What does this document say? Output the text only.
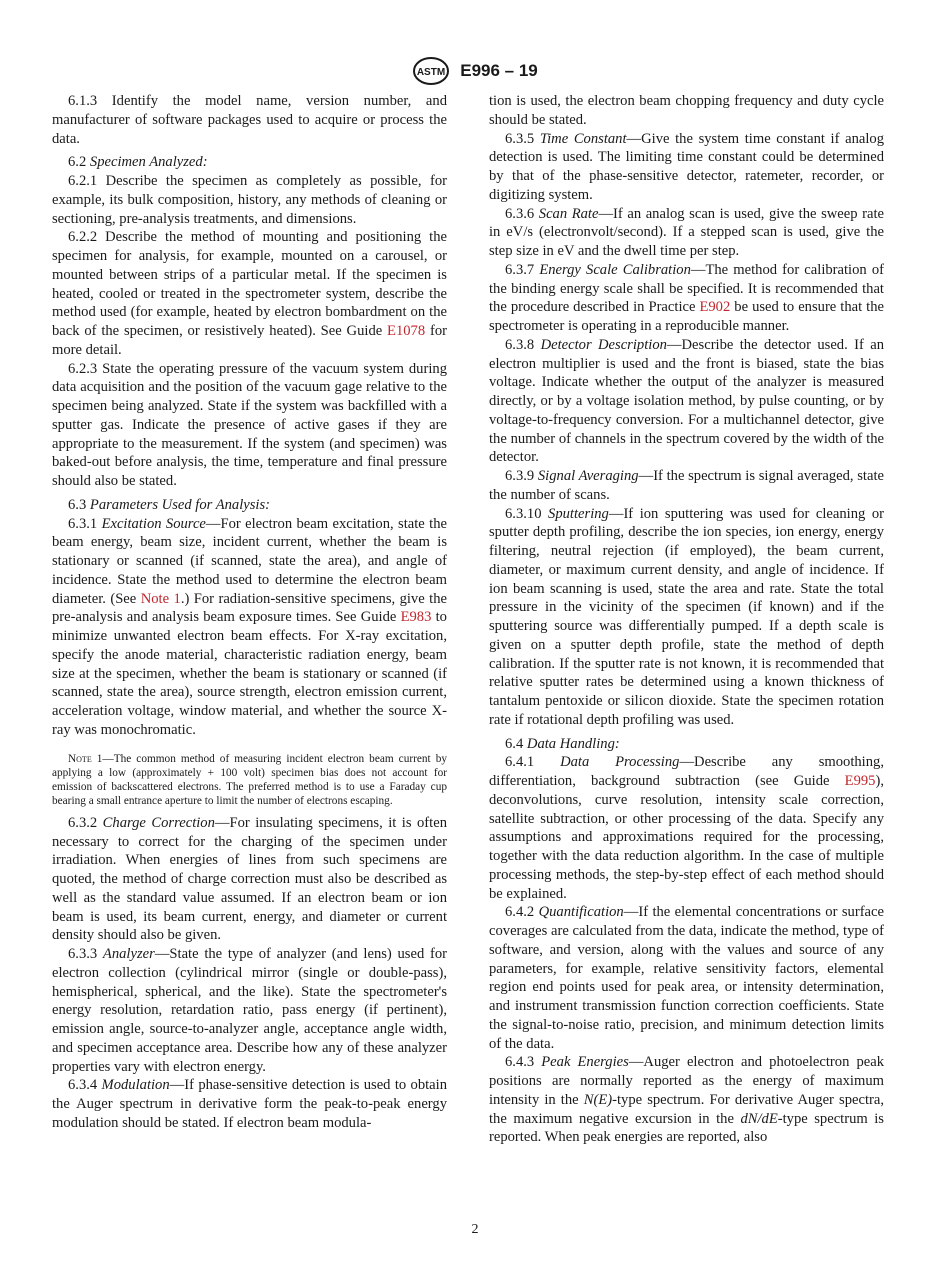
ASTM E996 – 19

6.1.3 Identify the model name, version number, and manufacturer of software packages used to acquire or process the data.

6.2 Specimen Analyzed:

6.2.1 Describe the specimen as completely as possible, for example, its bulk composition, history, any methods of cleaning or sectioning, pre-analysis treatments, and dimensions.

6.2.2 Describe the method of mounting and positioning the specimen for analysis, for example, mounted on a carousel, or mounted between strips of a particular metal. If the specimen is heated, cooled or treated in the spectrometer system, describe the method used (for example, heated by electron bombardment on the back of the specimen, or resistively heated). See Guide E1078 for more detail.

6.2.3 State the operating pressure of the vacuum system during data acquisition and the position of the vacuum gage relative to the specimen being analyzed. State if the system was backfilled with a sputter gas. Indicate the presence of active gases if they are appropriate to the measurement. If the system (and specimen) was baked-out before analysis, the time, temperature and final pressure should also be stated.

6.3 Parameters Used for Analysis:

6.3.1 Excitation Source—For electron beam excitation, state the beam energy, beam size, incident current, whether the beam is stationary or scanned (if scanned, state the area), and angle of incidence. State the method used to determine the electron beam diameter. (See Note 1.) For radiation-sensitive specimens, give the pre-analysis and analysis beam exposure times. See Guide E983 to minimize unwanted electron beam effects. For X-ray excitation, specify the anode material, characteristic radiation energy, beam size at the specimen, whether the beam is stationary or scanned (if scanned, state the area), source strength, electron emission current, acceleration voltage, window material, and whether the source X-ray was monochromatic.

Note 1—The common method of measuring incident electron beam current by applying a low (approximately + 100 volt) specimen bias does not account for emission of backscattered electrons. The preferred method is to use a Faraday cup bearing a small entrance aperture to limit the number of electrons escaping.

6.3.2 Charge Correction—For insulating specimens, it is often necessary to correct for the charging of the specimen under irradiation. When energies of lines from such specimens are quoted, the method of charge correction must also be described as well as the standard value assumed. If an electron beam or ion beam is used, its beam current, energy, and diameter or current density should also be given.

6.3.3 Analyzer—State the type of analyzer (and lens) used for electron collection (cylindrical mirror (single or double-pass), hemispherical, spherical, and the like). State the spectrometer's energy resolution, retardation ratio, pass energy (if pertinent), emission angle, source-to-analyzer angle, acceptance angle width, and specimen acceptance area. Describe how any of these analyzer properties vary with electron energy.

6.3.4 Modulation—If phase-sensitive detection is used to obtain the Auger spectrum in derivative form the peak-to-peak energy modulation should be stated. If electron beam modula-

tion is used, the electron beam chopping frequency and duty cycle should be stated.

6.3.5 Time Constant—Give the system time constant if analog detection is used. The limiting time constant could be determined by that of the phase-sensitive detector, ratemeter, recorder, or digitizing system.

6.3.6 Scan Rate—If an analog scan is used, give the sweep rate in eV/s (electronvolt/second). If a stepped scan is used, give the step size in eV and the dwell time per step.

6.3.7 Energy Scale Calibration—The method for calibration of the binding energy scale shall be specified. It is recommended that the procedure described in Practice E902 be used to ensure that the spectrometer is operating in a reproducible manner.

6.3.8 Detector Description—Describe the detector used. If an electron multiplier is used and the front is biased, state the bias voltage. Indicate whether the output of the analyzer is measured directly, or by a voltage isolation method, by pulse counting, or by voltage-to-frequency conversion. For a multichannel detector, give the number of channels in the spectrum covered by the width of the detector.

6.3.9 Signal Averaging—If the spectrum is signal averaged, state the number of scans.

6.3.10 Sputtering—If ion sputtering was used for cleaning or sputter depth profiling, describe the ion species, ion energy, energy filtering, neutral rejection (if employed), the beam current, diameter, or maximum current density, and angle of incidence. If ion beam scanning is used, state the area and rate. State the total pressure in the vicinity of the specimen (if known) and if the sputtering source was differentially pumped. If a depth scale is given on a sputter depth profile, state the method of depth calibration. If the sputter rate is not known, it is recommended that relative sputter rates be determined using a known thickness of tantalum pentoxide or silicon dioxide. State the specimen rotation rate if rotational depth profiling was used.

6.4 Data Handling:

6.4.1 Data Processing—Describe any smoothing, differentiation, background subtraction (see Guide E995), deconvolutions, curve resolution, intensity scale correction, satellite subtraction, or other processing of the data. Specify any assumptions and approximations required for the processing, together with the data reduction algorithm. In the case of multiple processing methods, the step-by-step effect of each method should be explained.

6.4.2 Quantification—If the elemental concentrations or surface coverages are calculated from the data, indicate the method, type of software, and version, along with the values and source of any parameters, for example, relative sensitivity factors, elemental region end points used for peak area, or intensity determination, and instrument transmission function correction coefficients. State the signal-to-noise ratio, precision, and minimum detection limits of the data.

6.4.3 Peak Energies—Auger electron and photoelectron peak positions are normally reported as the energy of maximum intensity in the N(E)-type spectrum. For derivative Auger spectra, the maximum negative excursion in the dN/dE-type spectrum is reported. When peak energies are reported, also

2
